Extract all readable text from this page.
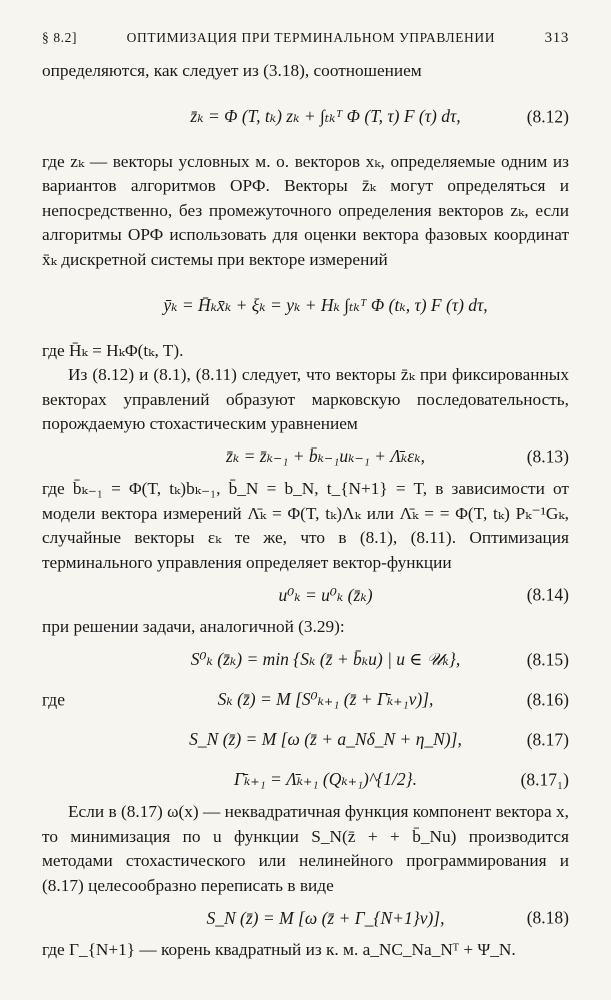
§ 8.2]	ОПТИМИЗАЦИЯ ПРИ ТЕРМИНАЛЬНОМ УПРАВЛЕНИИ	313

определяются, как следует из (3.18), соотношением

z̄ₖ = Φ (T, tₖ) zₖ + ∫ₜₖᵀ Φ (T, τ) F (τ) dτ,	(8.12)

где zₖ — векторы условных м. о. векторов xₖ, определяемые одним из вариантов алгоритмов ОРФ. Векторы z̄ₖ могут определяться и непосредственно, без промежуточного определения векторов zₖ, если алгоритмы ОРФ использовать для оценки вектора фазовых координат x̄ₖ дискретной системы при векторе измерений

ȳₖ = H̄ₖx̄ₖ + ξₖ = yₖ + Hₖ ∫ₜₖᵀ Φ (tₖ, τ) F (τ) dτ,

где H̄ₖ = HₖΦ(tₖ, T).

Из (8.12) и (8.1), (8.11) следует, что векторы z̄ₖ при фиксированных векторах управлений образуют марковскую последовательность, порождаемую стохастическим уравнением

z̄ₖ = z̄ₖ₋₁ + b̄ₖ₋₁uₖ₋₁ + Λ̄ₖεₖ,	(8.13)

где b̄ₖ₋₁ = Φ(T, tₖ)bₖ₋₁, b̄_N = b_N, t_{N+1} = T, в зависимости от модели вектора измерений Λ̄ₖ = Φ(T, tₖ)Λₖ или Λ̄ₖ = = Φ(T, tₖ) Pₖ⁻¹Gₖ, случайные векторы εₖ те же, что в (8.1), (8.11). Оптимизация терминального управления определяет вектор-функции

u⁰ₖ = u⁰ₖ (z̄ₖ)	(8.14)

при решении задачи, аналогичной (3.29):

S⁰ₖ (z̄ₖ) = min {Sₖ (z̄ + b̄ₖu) | u ∈ 𝒰ₖ},	(8.15)
где	Sₖ (z̄) = M [S⁰ₖ₊₁ (z̄ + Γ̄ₖ₊₁v)],	(8.16)
S_N (z̄) = M [ω (z̄ + a_Nδ_N + η_N)],	(8.17)
Γ̄ₖ₊₁ = Λ̄ₖ₊₁ (Qₖ₊₁)^{1/2}.	(8.17₁)

Если в (8.17) ω(x) — неквадратичная функция компонент вектора x, то минимизация по u функции S_N(z̄ + + b̄_Nu) производится методами стохастического или нелинейного программирования и (8.17) целесообразно переписать в виде

S_N (z̄) = M [ω (z̄ + Γ_{N+1}v)],	(8.18)

где Γ_{N+1} — корень квадратный из к. м. a_NC_Na_Nᵀ + Ψ_N.
